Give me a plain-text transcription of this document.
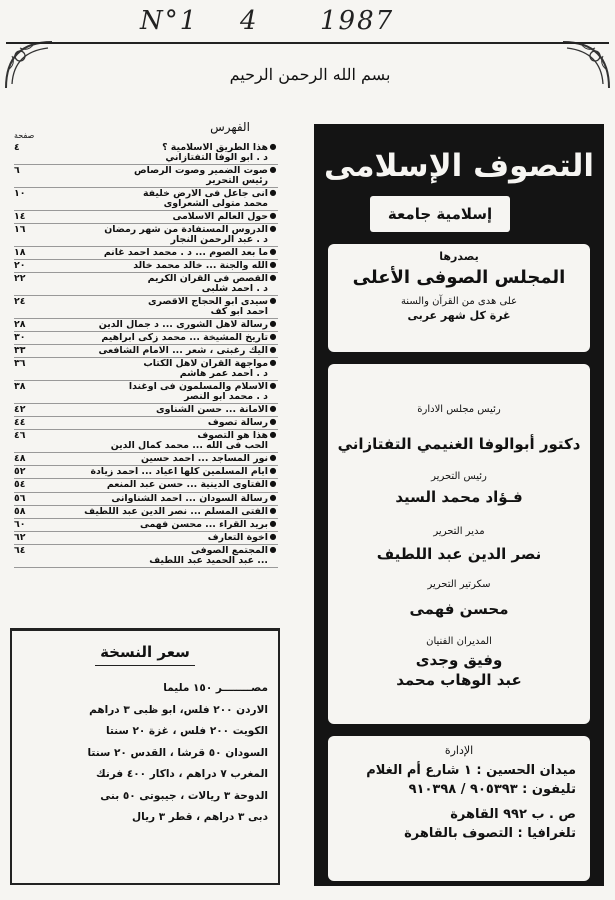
N°1 4 1987
بسم الله الرحمن الرحيم
الفهرس
صفحة
●
هذا الطريق الاسلامية ؟
د . ابو الوفا التفتازاني
٤
●
صوت الضمير وصوت الرصاص
رئيس التحرير
٦
●
انى جاعل فى الارض خليفة
محمد متولى الشعراوى
١٠
●
حول العالم الاسلامى
١٤
●
الدروس المستفادة من شهر رمضان
د . عبد الرحمن النجار
١٦
●
ما بعد الصوم ... د . محمد احمد غانم
١٨
●
الله والجنة ... خالد محمد خالد
٢٠
●
القصص فى القرآن الكريم
د . احمد شلبى
٢٢
●
سيدى ابو الحجاج الاقصرى
احمد ابو كف
٢٤
●
رسالة لاهل الشورى ... د جمال الدين
٢٨
●
تاريخ المشيخة ... محمد زكى ابراهيم
٣٠
●
اليك رغبتى ، شعر ... الامام الشافعى
٣٣
●
مواجهة القرآن لاهل الكتاب
د . احمد عمر هاشم
٣٦
●
الاسلام والمسلمون فى اوغندا
د . محمد ابو النصر
٣٨
●
الامانة ... حسن الشناوى
٤٢
●
رسالة تصوف
٤٤
●
هذا هو التصوف
الحب فى الله ... محمد كمال الدين
٤٦
●
نور المساجد ... احمد حسين
٤٨
●
ايام المسلمين كلها اعياد ... احمد زيادة
٥٢
●
الفتاوى الدينية ... حسن عبد المنعم
٥٤
●
رسالة السودان ... احمد الشناوانى
٥٦
●
الفتى المسلم ... نصر الدين عبد اللطيف
٥٨
●
بريد القراء ... محسن فهمى
٦٠
●
اخوة التعارف
٦٢
●
المجتمع الصوفى
... عبد الحميد عبد اللطيف
٦٤
سعر النسخة
مصــــــــر ١٥٠ مليما
الاردن ٢٠٠ فلس، ابو ظبى ٣ دراهم
الكويت ٢٠٠ فلس ، غزة ٢٠ سنتا
السودان ٥٠ قرشا ، القدس ٢٠ سنتا
المغرب ٧ دراهم ، داكار ٤٠٠ فرنك
الدوحة ٣ ريالات ، جيبوتى ٥٠ بنى
دبى ٣ دراهم ، قطر ٣ ريال
التصوف الإسلامى
إسلامية جامعة

يصدرها

المجلس الصوفى الأعلى

على هدى من القرآن والسنة

غرة كل شهر عربى

رئيس مجلس الادارة

دكتور أبوالوفا الغنيمي التفتازاني

رئيس التحرير

فـؤاد محمد السيد

مدير التحرير

نصر الدين عبد اللطيف

سكرتير التحرير

محسن فهمى

المديران الفنيان

وفيق وجدى

عبد الوهاب محمد

الإدارة

ميدان الحسين : ١ شارع أم الغلام

تليفون : ٩٠٥٣٩٣ / ٩١٠٣٩٨

ص . ب ٩٩٢ القاهرة

تلغرافيا : التصوف بالقاهرة
